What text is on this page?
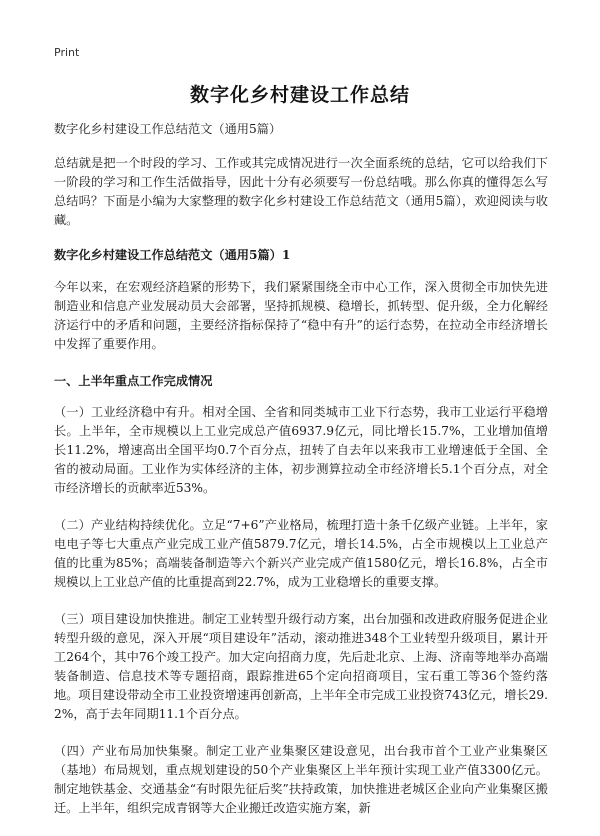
Print
数字化乡村建设工作总结

数字化乡村建设工作总结范文（通用5篇）

总结就是把一个时段的学习、工作或其完成情况进行一次全面系统的总结，它可以给我们下一阶段的学习和工作生活做指导，因此十分有必须要写一份总结哦。那么你真的懂得怎么写总结吗？下面是小编为大家整理的数字化乡村建设工作总结范文（通用5篇），欢迎阅读与收藏。

数字化乡村建设工作总结范文（通用5篇）1

今年以来，在宏观经济趋紧的形势下，我们紧紧围绕全市中心工作，深入贯彻全市加快先进制造业和信息产业发展动员大会部署，坚持抓规模、稳增长，抓转型、促升级，全力化解经济运行中的矛盾和问题，主要经济指标保持了“稳中有升”的运行态势，在拉动全市经济增长中发挥了重要作用。

一、上半年重点工作完成情况

（一）工业经济稳中有升。相对全国、全省和同类城市工业下行态势，我市工业运行平稳增长。上半年，全市规模以上工业完成总产值6937.9亿元，同比增长15.7%，工业增加值增长11.2%，增速高出全国平均0.7个百分点，扭转了自去年以来我市工业增速低于全国、全省的被动局面。工业作为实体经济的主体，初步测算拉动全市经济增长5.1个百分点，对全市经济增长的贡献率近53%。

（二）产业结构持续优化。立足“7+6”产业格局，梳理打造十条千亿级产业链。上半年，家电电子等七大重点产业完成工业产值5879.7亿元，增长14.5%，占全市规模以上工业总产值的比重为85%；高端装备制造等六个新兴产业完成产值1580亿元，增长16.8%，占全市规模以上工业总产值的比重提高到22.7%，成为工业稳增长的重要支撑。

（三）项目建设加快推进。制定工业转型升级行动方案，出台加强和改进政府服务促进企业转型升级的意见，深入开展“项目建设年”活动，滚动推进348个工业转型升级项目，累计开工264个，其中76个竣工投产。加大定向招商力度，先后赴北京、上海、济南等地举办高端装备制造、信息技术等专题招商，跟踪推进65个定向招商项目，宝石重工等36个签约落地。项目建设带动全市工业投资增速再创新高，上半年全市完成工业投资743亿元，增长29.2%，高于去年同期11.1个百分点。

（四）产业布局加快集聚。制定工业产业集聚区建设意见，出台我市首个工业产业集聚区（基地）布局规划，重点规划建设的50个产业集聚区上半年预计实现工业产值3300亿元。制定地铁基金、交通基金“有时限先征后奖”扶持政策，加快推进老城区企业向产业集聚区搬迁。上半年，组织完成青钢等大企业搬迁改造实施方案，新
